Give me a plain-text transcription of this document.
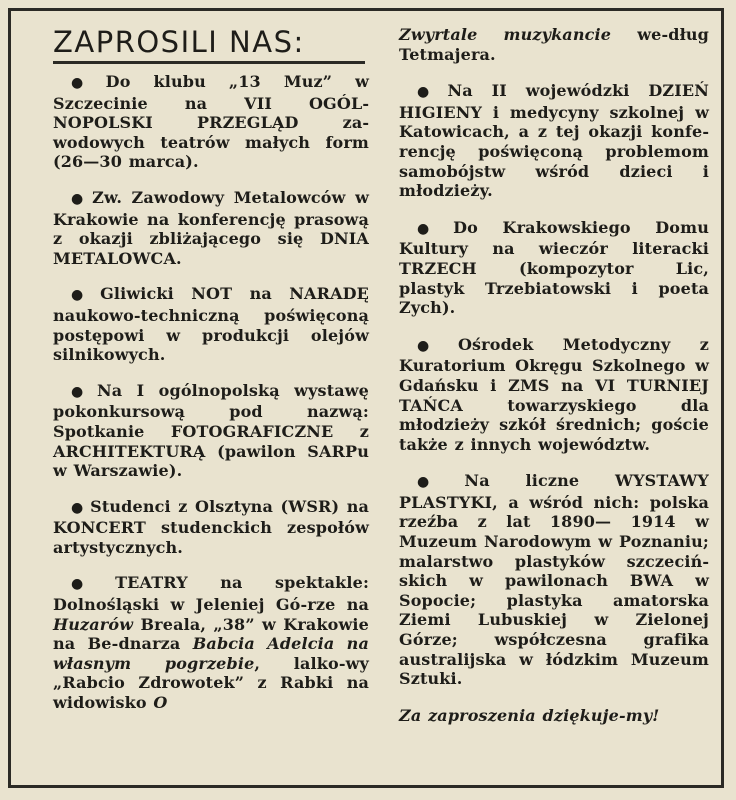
ZAPROSILI NAS:

● Do klubu „13 Muz” w Szczecinie na VII OGÓLNOPOLSKI PRZEGLĄD zawodowych teatrów małych form (26—30 marca).

● Zw. Zawodowy Metalowców w Krakowie na konferencję prasową z okazji zbliżającego się DNIA METALOWCA.

● Gliwicki NOT na NARADĘ naukowo-techniczną poświęconą postępowi w produkcji olejów silnikowych.

● Na I ogólnopolską wystawę pokonkursową pod nazwą: Spotkanie FOTOGRAFICZNE z ARCHITEKTURĄ (pawilon SARPu w Warszawie).

● Studenci z Olsztyna (WSR) na KONCERT studenckich zespołów artystycznych.

● TEATRY na spektakle: Dolnośląski w Jeleniej Gó-rze na Huzarów Breala, „38” w Krakowie na Be-dnarza Babcia Adelcia na własnym pogrzebie, lalko-wy „Rabcio Zdrowotek” z Rabki na widowisko O

Zwyrtale muzykancie we-dług Tetmajera.

● Na II wojewódzki DZIEŃ HIGIENY i medycyny szkolnej w Katowicach, a z tej okazji konferencję poświęconą problemom samobójstw wśród dzieci i młodzieży.

● Do Krakowskiego Domu Kultury na wieczór literacki TRZECH (kompozytor Lic, plastyk Trzebiatowski i poeta Zych).

● Ośrodek Metodyczny z Kuratorium Okręgu Szkolnego w Gdańsku i ZMS na VI TURNIEJ TAŃCA towarzyskiego dla młodzieży szkół średnich; goście także z innych województw.

● Na liczne WYSTAWY PLASTYKI, a wśród nich: polska rzeźba z lat 1890— 1914 w Muzeum Narodowym w Poznaniu; malarstwo plastyków szczecińskich w pawilonach BWA w Sopocie; plastyka amatorska Ziemi Lubuskiej w Zielonej Górze; współczesna grafika australijska w łódzkim Muzeum Sztuki.

Za zaproszenia dziękuje-my!
